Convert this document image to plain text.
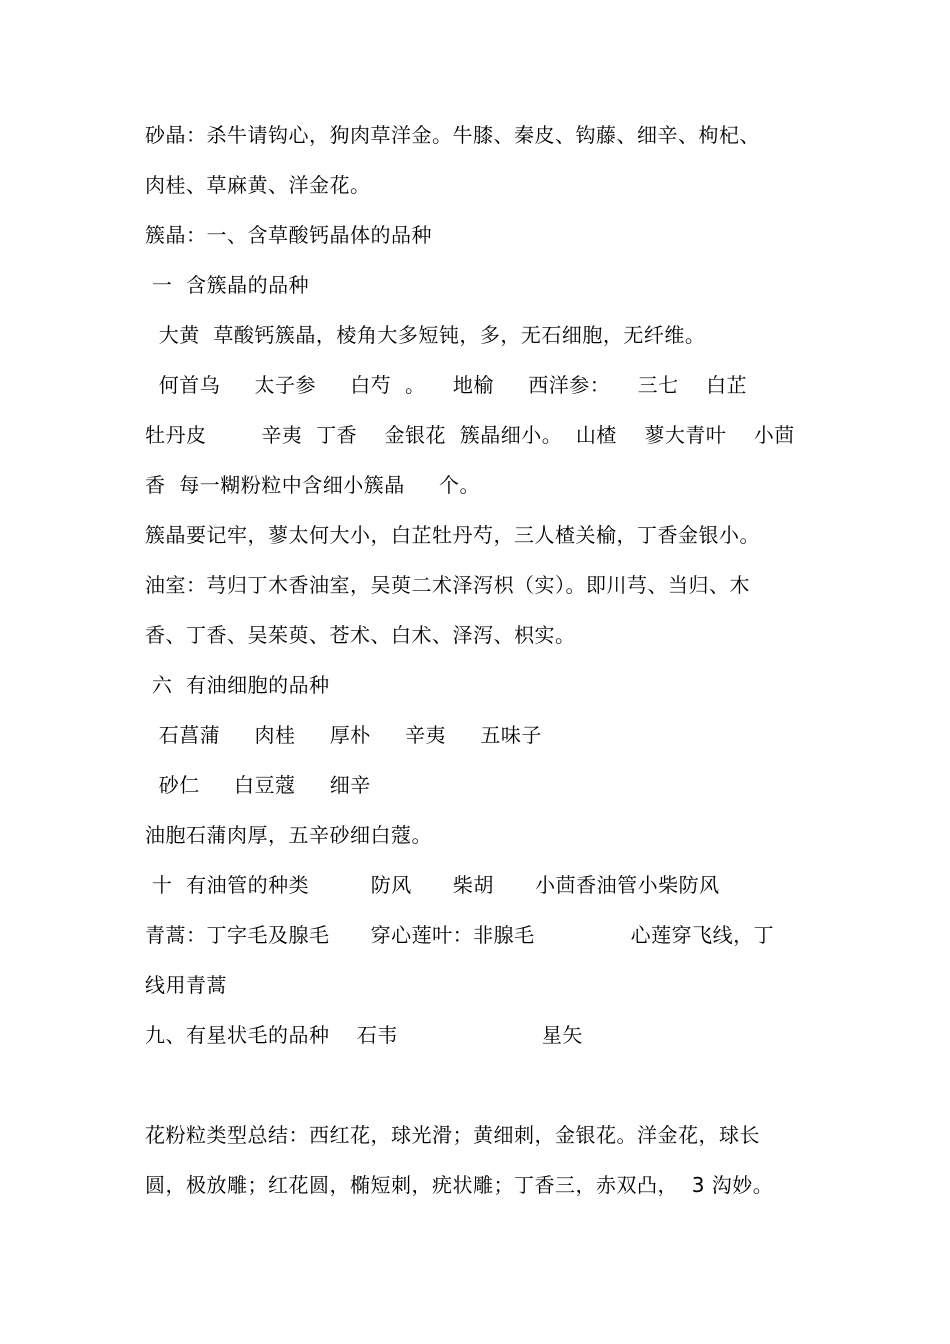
砂晶：杀牛请钩心，狗肉草洋金。牛膝、秦皮、钩藤、细辛、枸杞、
肉桂、草麻黄、洋金花。
簇晶：一、含草酸钙晶体的品种
一  含簇晶的品种
大黄  草酸钙簇晶，棱角大多短钝，多，无石细胞，无纤维。
何首乌     太子参     白芍  。    地榆     西洋参：    三七    白芷
牡丹皮        辛夷  丁香    金银花  簇晶细小。  山楂    蓼大青叶    小茴
香  每一糊粉粒中含细小簇晶     个。
簇晶要记牢，蓼太何大小，白芷牡丹芍，三人楂关榆，丁香金银小。
油室：芎归丁木香油室，吴萸二术泽泻枳（实）。即川芎、当归、木
香、丁香、吴茱萸、苍术、白术、泽泻、枳实。
六  有油细胞的品种
石菖蒲     肉桂     厚朴     辛夷     五味子
砂仁     白豆蔻     细辛
油胞石蒲肉厚，五辛砂细白蔻。
十  有油管的种类         防风      柴胡      小茴香油管小柴防风
青蒿：丁字毛及腺毛      穿心莲叶：非腺毛              心莲穿飞线，丁
线用青蒿
九、有星状毛的品种    石韦                     星矢
花粉粒类型总结：西红花，球光滑；黄细刺，金银花。洋金花，球长
圆，极放雕；红花圆，椭短刺，疣状雕；丁香三，赤双凸，  3 沟妙。
